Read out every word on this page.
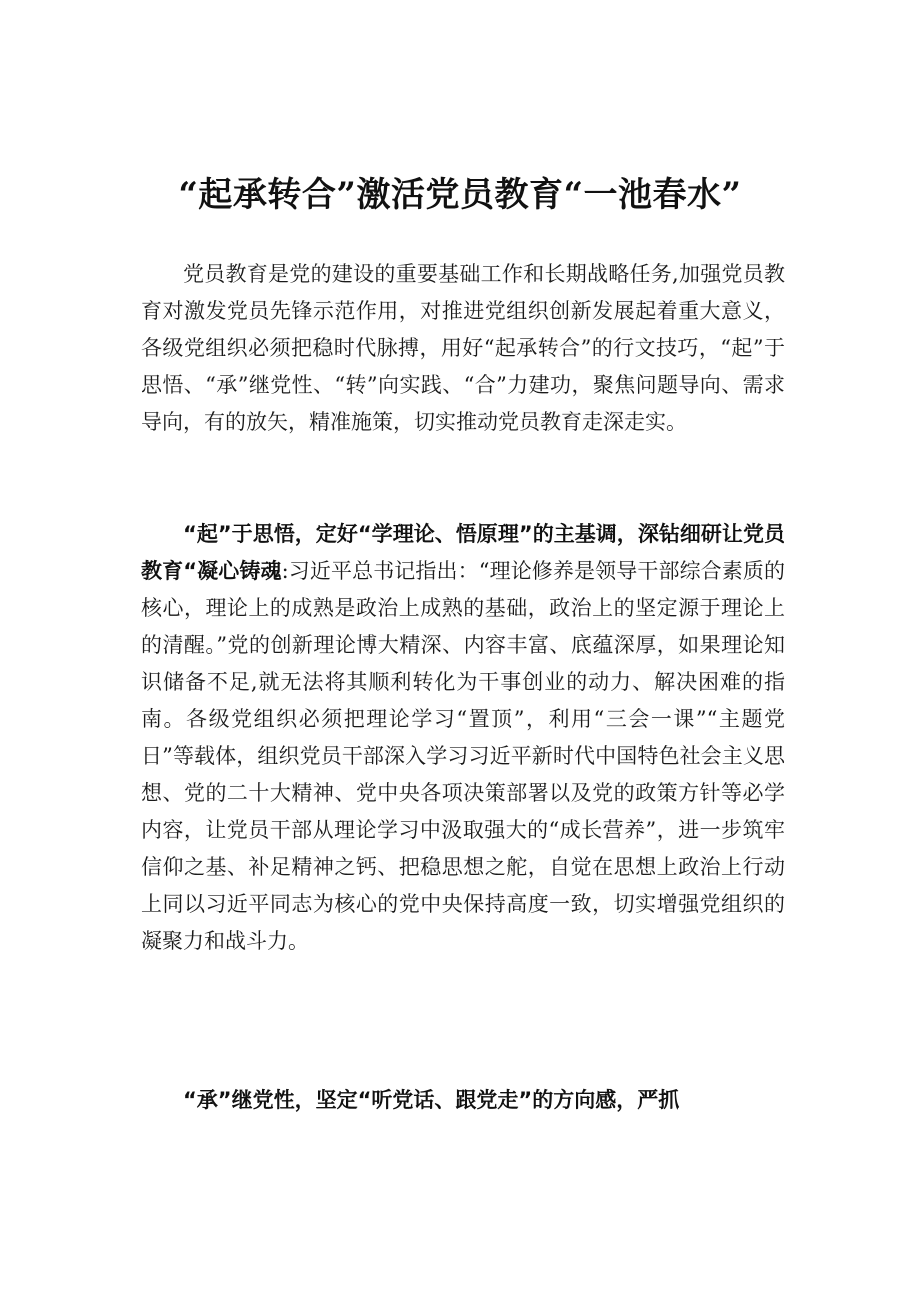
“起承转合”激活党员教育“一池春水”

党员教育是党的建设的重要基础工作和长期战略任务,加强党员教育对激发党员先锋示范作用，对推进党组织创新发展起着重大意义，各级党组织必须把稳时代脉搏，用好“起承转合”的行文技巧，“起”于思悟、“承”继党性、“转”向实践、“合”力建功，聚焦问题导向、需求导向，有的放矢，精准施策，切实推动党员教育走深走实。

“起”于思悟，定好“学理论、悟原理”的主基调，深钻细研让党员教育“凝心铸魂:习近平总书记指出：“理论修养是领导干部综合素质的核心，理论上的成熟是政治上成熟的基础，政治上的坚定源于理论上的清醒。”党的创新理论博大精深、内容丰富、底蕴深厚，如果理论知识储备不足,就无法将其顺利转化为干事创业的动力、解决困难的指南。各级党组织必须把理论学习“置顶”，利用“三会一课”“主题党日”等载体，组织党员干部深入学习习近平新时代中国特色社会主义思想、党的二十大精神、党中央各项决策部署以及党的政策方针等必学内容，让党员干部从理论学习中汲取强大的“成长营养”，进一步筑牢信仰之基、补足精神之钙、把稳思想之舵，自觉在思想上政治上行动上同以习近平同志为核心的党中央保持高度一致，切实增强党组织的凝聚力和战斗力。

“承”继党性，坚定“听党话、跟党走”的方向感，严抓
